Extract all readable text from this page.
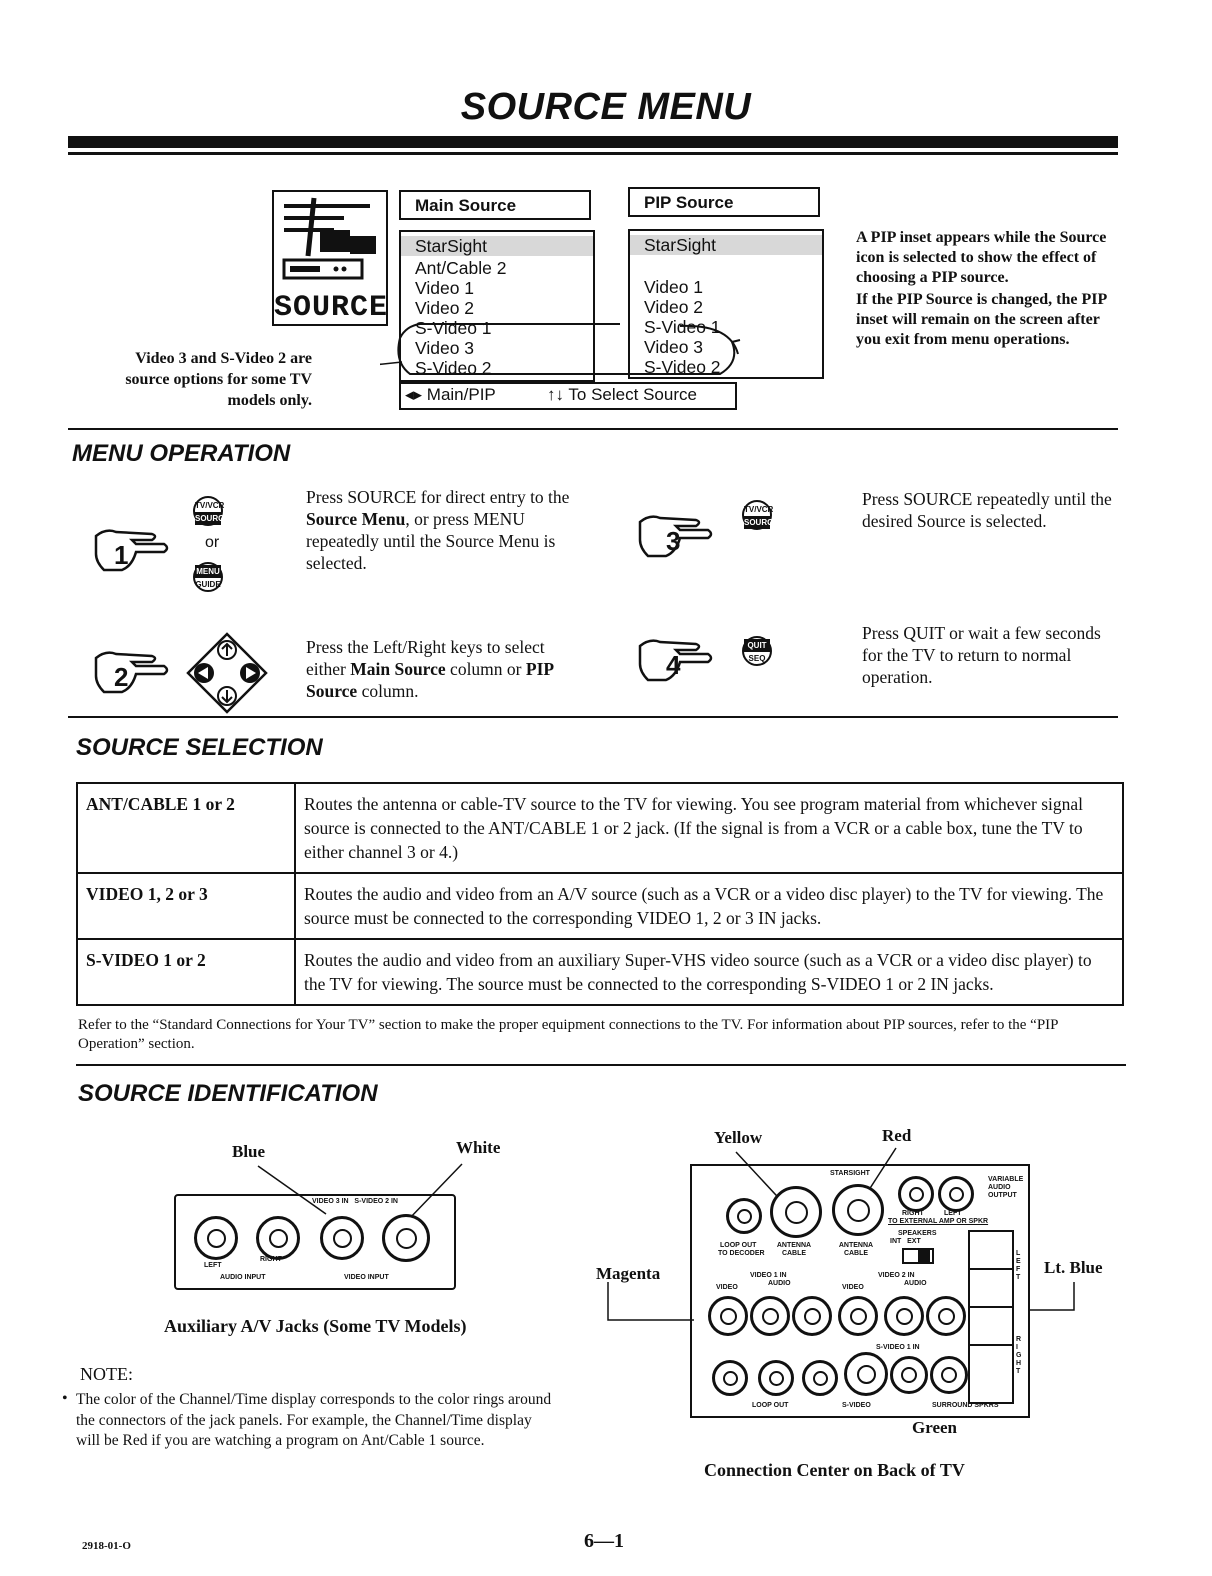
SOURCE MENU
SOURCE
Main Source
StarSight
Ant/Cable 2
Video 1
Video 2
S-Video 1
Video 3
S-Video 2
PIP Source
StarSight
Video 1
Video 2
S-Video 1
Video 3
S-Video 2
◂▸ Main/PIP	↑↓ To Select Source
Video 3 and S-Video 2 are source options for some TV models only.
A PIP inset appears while the Source icon is selected to show the effect of choosing a PIP source.
If the PIP Source is changed, the PIP inset will remain on the screen after you exit from menu operations.
MENU OPERATION
1
TV/VCR
SOURCE
or
MENU
GUIDE
Press SOURCE for direct entry to the Source Menu, or press MENU repeatedly until the Source Menu is selected.
2
Press the Left/Right keys to select either Main Source column or PIP Source column.
3
TV/VCR
SOURCE
Press SOURCE repeatedly until the desired Source is selected.
4
QUIT
SEQ
Press QUIT or wait a few seconds for the TV to return to normal operation.
SOURCE SELECTION
ANT/CABLE 1 or 2	Routes the antenna or cable-TV source to the TV for viewing. You see program material from whichever signal source is connected to the ANT/CABLE 1 or 2 jack. (If the signal is from a VCR or a cable box, tune the TV to either channel 3 or 4.)
VIDEO 1, 2 or 3	Routes the audio and video from an A/V source (such as a VCR or a video disc player) to the TV for viewing. The source must be connected to the corresponding VIDEO 1, 2 or 3 IN jacks.
S-VIDEO 1 or 2	Routes the audio and video from an auxiliary Super-VHS video source (such as a VCR or a video disc player) to the TV for viewing. The source must be connected to the corresponding S-VIDEO 1 or 2 IN jacks.
Refer to the “Standard Connections for Your TV” section to make the proper equipment connections to the TV. For information about PIP sources, refer to the “PIP Operation” section.
SOURCE IDENTIFICATION
Blue	White
VIDEO 3 IN   S-VIDEO 2 IN
LEFT
RIGHT
AUDIO INPUT	VIDEO INPUT
Auxiliary A/V Jacks (Some TV Models)
NOTE:
• The color of the Channel/Time display corresponds to the color rings around the connectors of the jack panels. For example, the Channel/Time display will be Red if you are watching a program on Ant/Cable 1 source.
Yellow	Red
Magenta	Lt. Blue
Green
STARSIGHT
VARIABLE AUDIO OUTPUT
RIGHT	LEFT
TO EXTERNAL AMP OR SPKR
SPEAKERS
INT   EXT
LOOP OUT
TO DECODER
ANTENNA CABLE
ANTENNA CABLE
VIDEO 1 IN	VIDEO 2 IN
VIDEO
AUDIO
VIDEO
AUDIO
S-VIDEO 1 IN
LOOP OUT	S-VIDEO	SURROUND SPKRS
LEFT
RIGHT
Connection Center on Back of TV
2918-01-O	6—1
